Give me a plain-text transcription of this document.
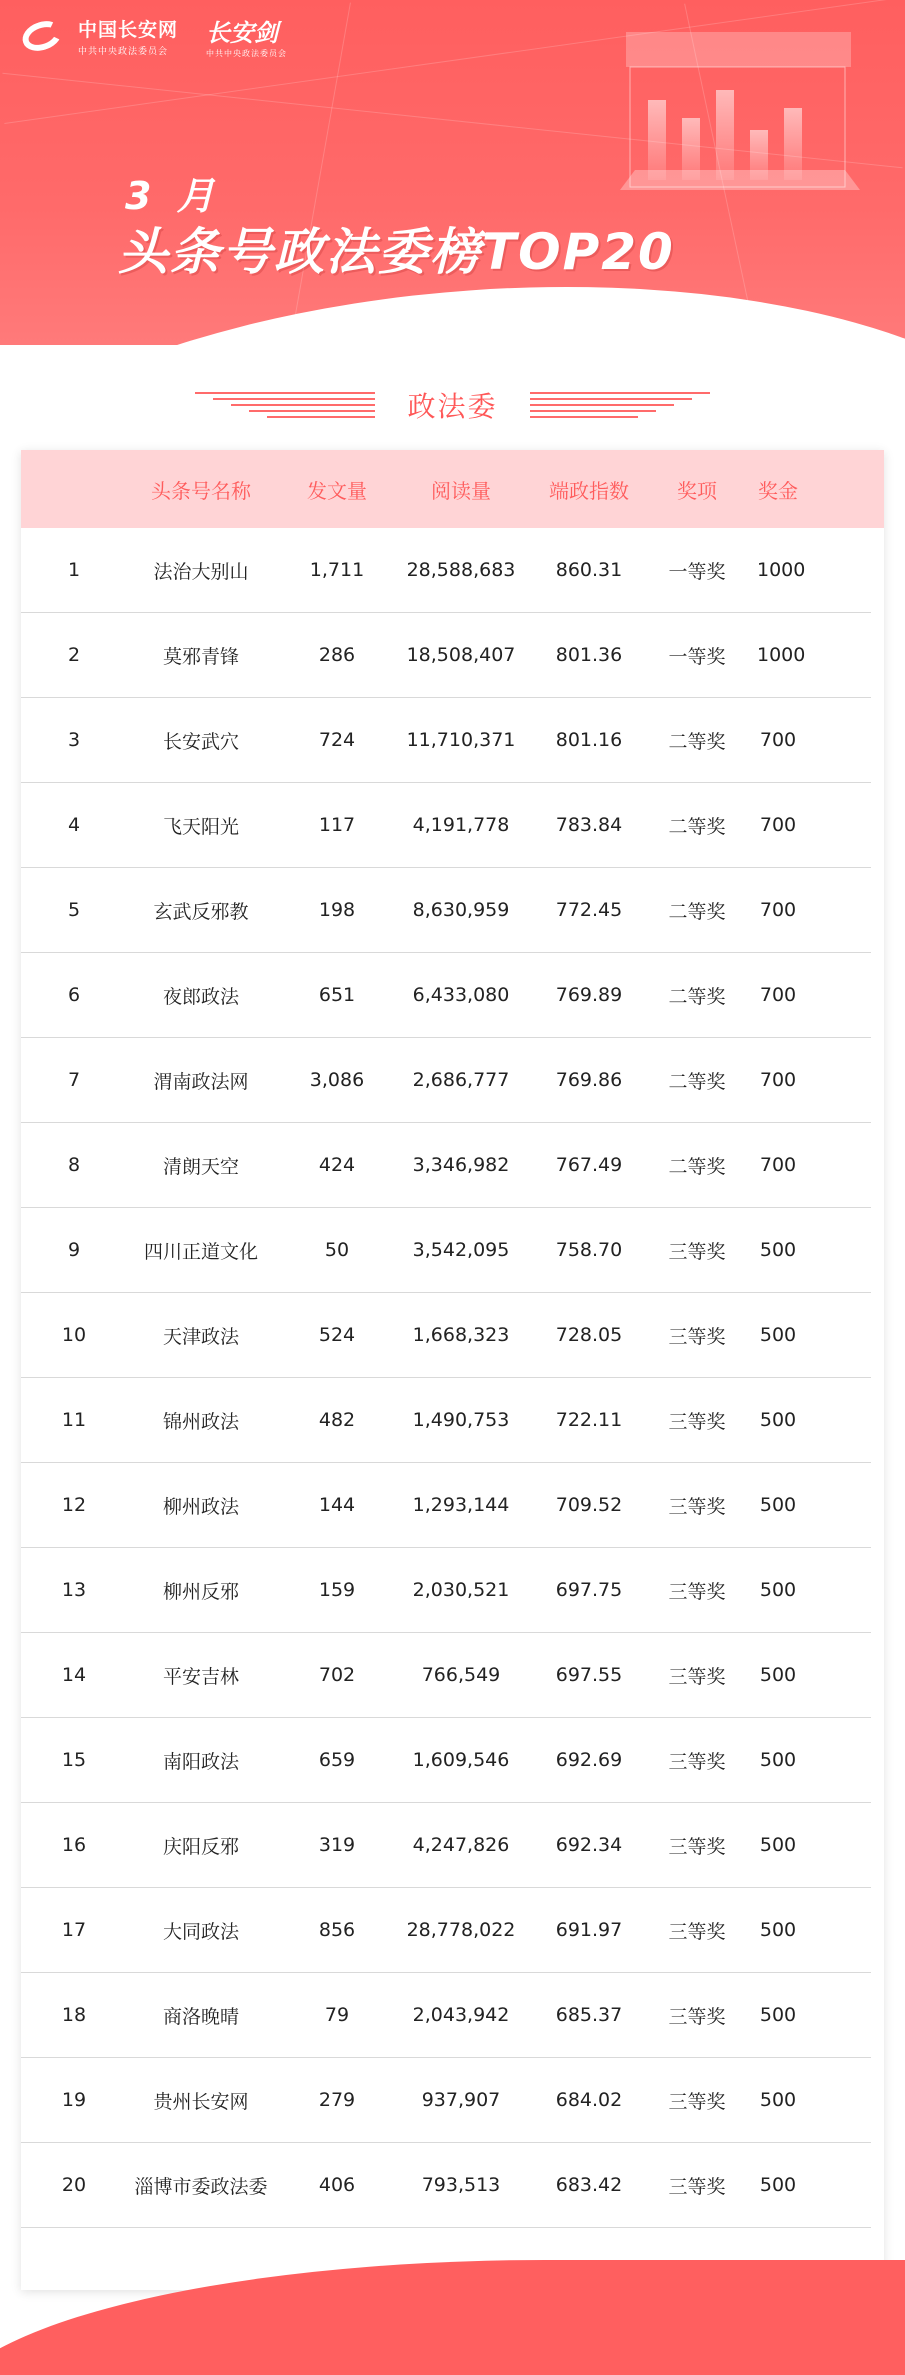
中国长安网
中共中央政法委员会
长安剑
中共中央政法委员会
3 月
头条号政法委榜TOP20
政法委
头条号名称	发文量	阅读量	端政指数	奖项	奖金
1	法治大别山	1,711	28,588,683	860.31	一等奖	1000
2	莫邪青锋	286	18,508,407	801.36	一等奖	1000
3	长安武穴	724	11,710,371	801.16	二等奖	700
4	飞天阳光	117	4,191,778	783.84	二等奖	700
5	玄武反邪教	198	8,630,959	772.45	二等奖	700
6	夜郎政法	651	6,433,080	769.89	二等奖	700
7	渭南政法网	3,086	2,686,777	769.86	二等奖	700
8	清朗天空	424	3,346,982	767.49	二等奖	700
9	四川正道文化	50	3,542,095	758.70	三等奖	500
10	天津政法	524	1,668,323	728.05	三等奖	500
11	锦州政法	482	1,490,753	722.11	三等奖	500
12	柳州政法	144	1,293,144	709.52	三等奖	500
13	柳州反邪	159	2,030,521	697.75	三等奖	500
14	平安吉林	702	766,549	697.55	三等奖	500
15	南阳政法	659	1,609,546	692.69	三等奖	500
16	庆阳反邪	319	4,247,826	692.34	三等奖	500
17	大同政法	856	28,778,022	691.97	三等奖	500
18	商洛晚晴	79	2,043,942	685.37	三等奖	500
19	贵州长安网	279	937,907	684.02	三等奖	500
20	淄博市委政法委	406	793,513	683.42	三等奖	500
